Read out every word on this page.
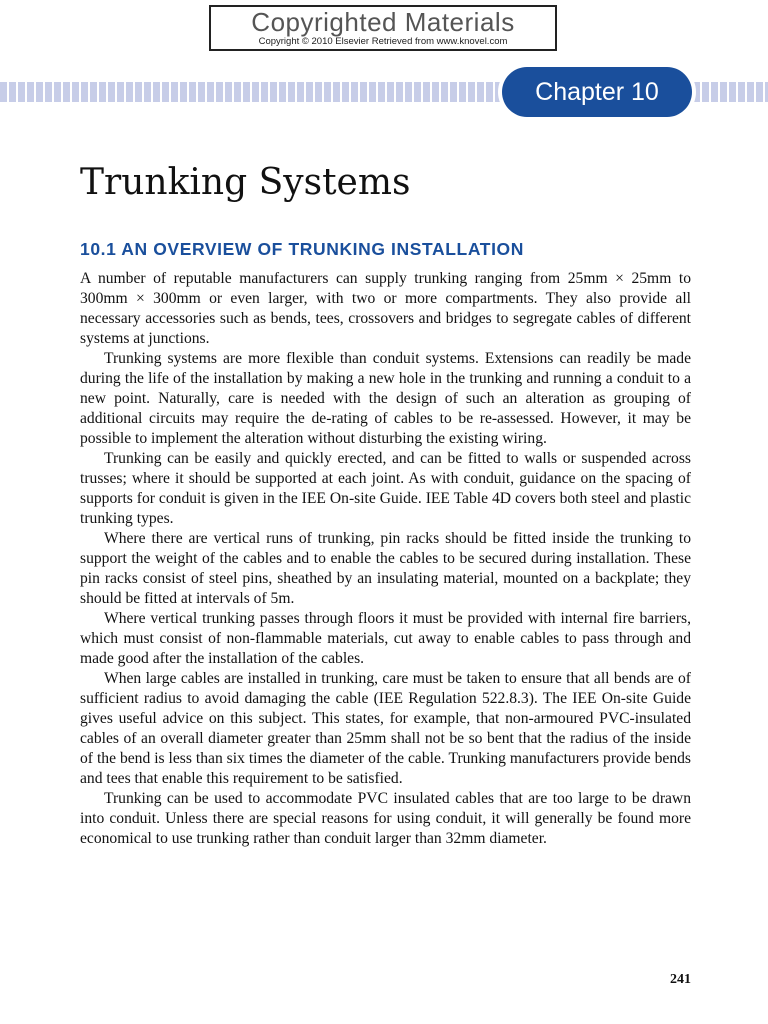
Copyrighted Materials
Copyright © 2010 Elsevier Retrieved from www.knovel.com
Chapter 10
Trunking Systems
10.1 AN OVERVIEW OF TRUNKING INSTALLATION

A number of reputable manufacturers can supply trunking ranging from 25mm × 25mm to 300mm × 300mm or even larger, with two or more compartments. They also provide all necessary accessories such as bends, tees, crossovers and bridges to segregate cables of different systems at junctions.

Trunking systems are more flexible than conduit systems. Extensions can readily be made during the life of the installation by making a new hole in the trunking and running a conduit to a new point. Naturally, care is needed with the design of such an alteration as grouping of additional circuits may require the de-rating of cables to be re-assessed. However, it may be possible to implement the alteration without disturbing the existing wiring.

Trunking can be easily and quickly erected, and can be fitted to walls or suspended across trusses; where it should be supported at each joint. As with conduit, guidance on the spacing of supports for conduit is given in the IEE On-site Guide. IEE Table 4D covers both steel and plastic trunking types.

Where there are vertical runs of trunking, pin racks should be fitted inside the trunking to support the weight of the cables and to enable the cables to be secured during installation. These pin racks consist of steel pins, sheathed by an insulating material, mounted on a backplate; they should be fitted at intervals of 5m.

Where vertical trunking passes through floors it must be provided with internal fire barriers, which must consist of non-flammable materials, cut away to enable cables to pass through and made good after the installation of the cables.

When large cables are installed in trunking, care must be taken to ensure that all bends are of sufficient radius to avoid damaging the cable (IEE Regulation 522.8.3). The IEE On-site Guide gives useful advice on this subject. This states, for example, that non-armoured PVC-insulated cables of an overall diameter greater than 25mm shall not be so bent that the radius of the inside of the bend is less than six times the diameter of the cable. Trunking manufacturers provide bends and tees that enable this requirement to be satisfied.

Trunking can be used to accommodate PVC insulated cables that are too large to be drawn into conduit. Unless there are special reasons for using conduit, it will generally be found more economical to use trunking rather than conduit larger than 32mm diameter.

241
